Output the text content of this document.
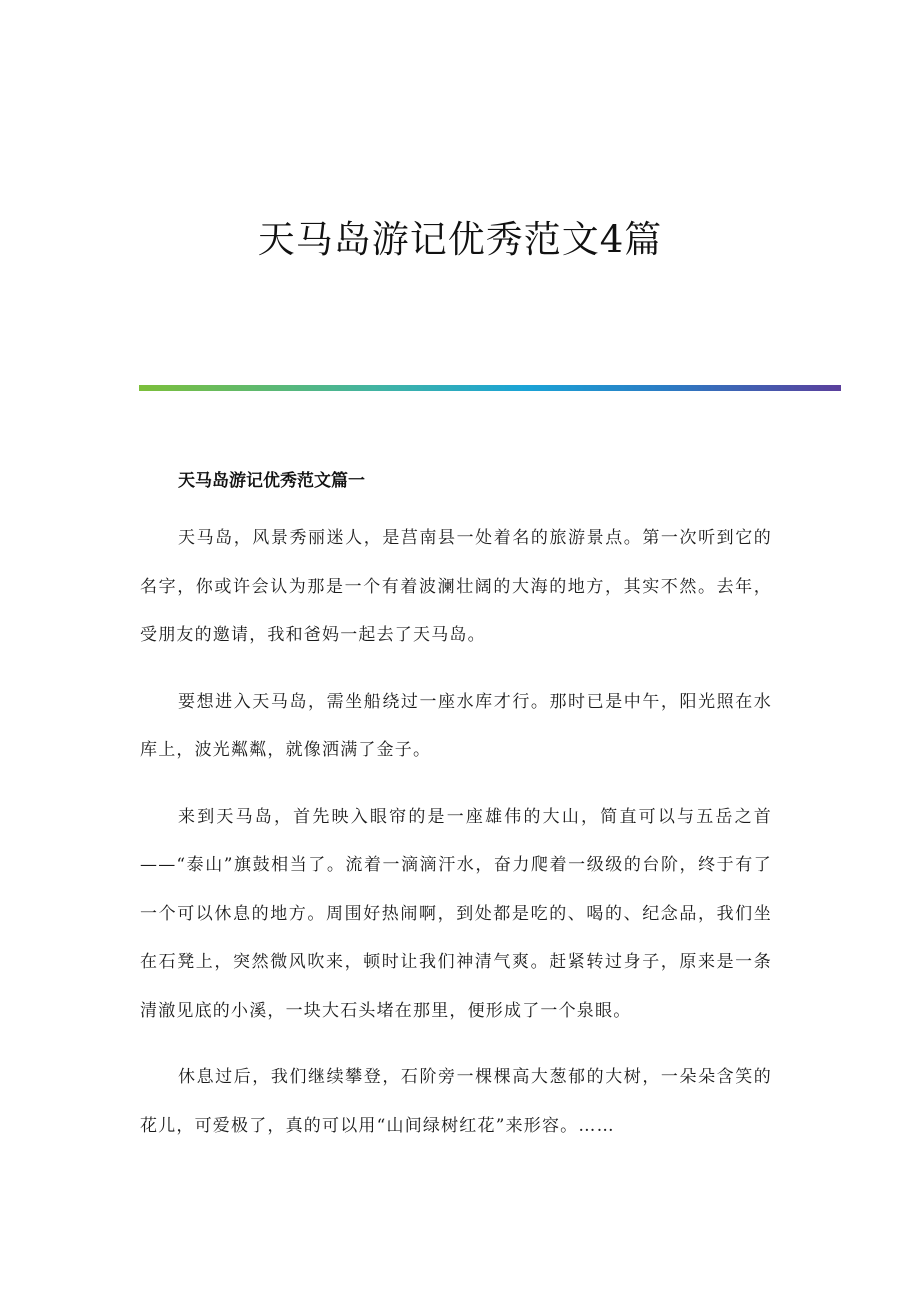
天马岛游记优秀范文4篇

天马岛游记优秀范文篇一

天马岛，风景秀丽迷人，是莒南县一处着名的旅游景点。第一次听到它的名字，你或许会认为那是一个有着波澜壮阔的大海的地方，其实不然。去年，受朋友的邀请，我和爸妈一起去了天马岛。

要想进入天马岛，需坐船绕过一座水库才行。那时已是中午，阳光照在水库上，波光粼粼，就像洒满了金子。

来到天马岛，首先映入眼帘的是一座雄伟的大山，简直可以与五岳之首——“泰山”旗鼓相当了。流着一滴滴汗水，奋力爬着一级级的台阶，终于有了一个可以休息的地方。周围好热闹啊，到处都是吃的、喝的、纪念品，我们坐在石凳上，突然微风吹来，顿时让我们神清气爽。赶紧转过身子，原来是一条清澈见底的小溪，一块大石头堵在那里，便形成了一个泉眼。

休息过后，我们继续攀登，石阶旁一棵棵高大葱郁的大树，一朵朵含笑的花儿，可爱极了，真的可以用“山间绿树红花”来形容。……
